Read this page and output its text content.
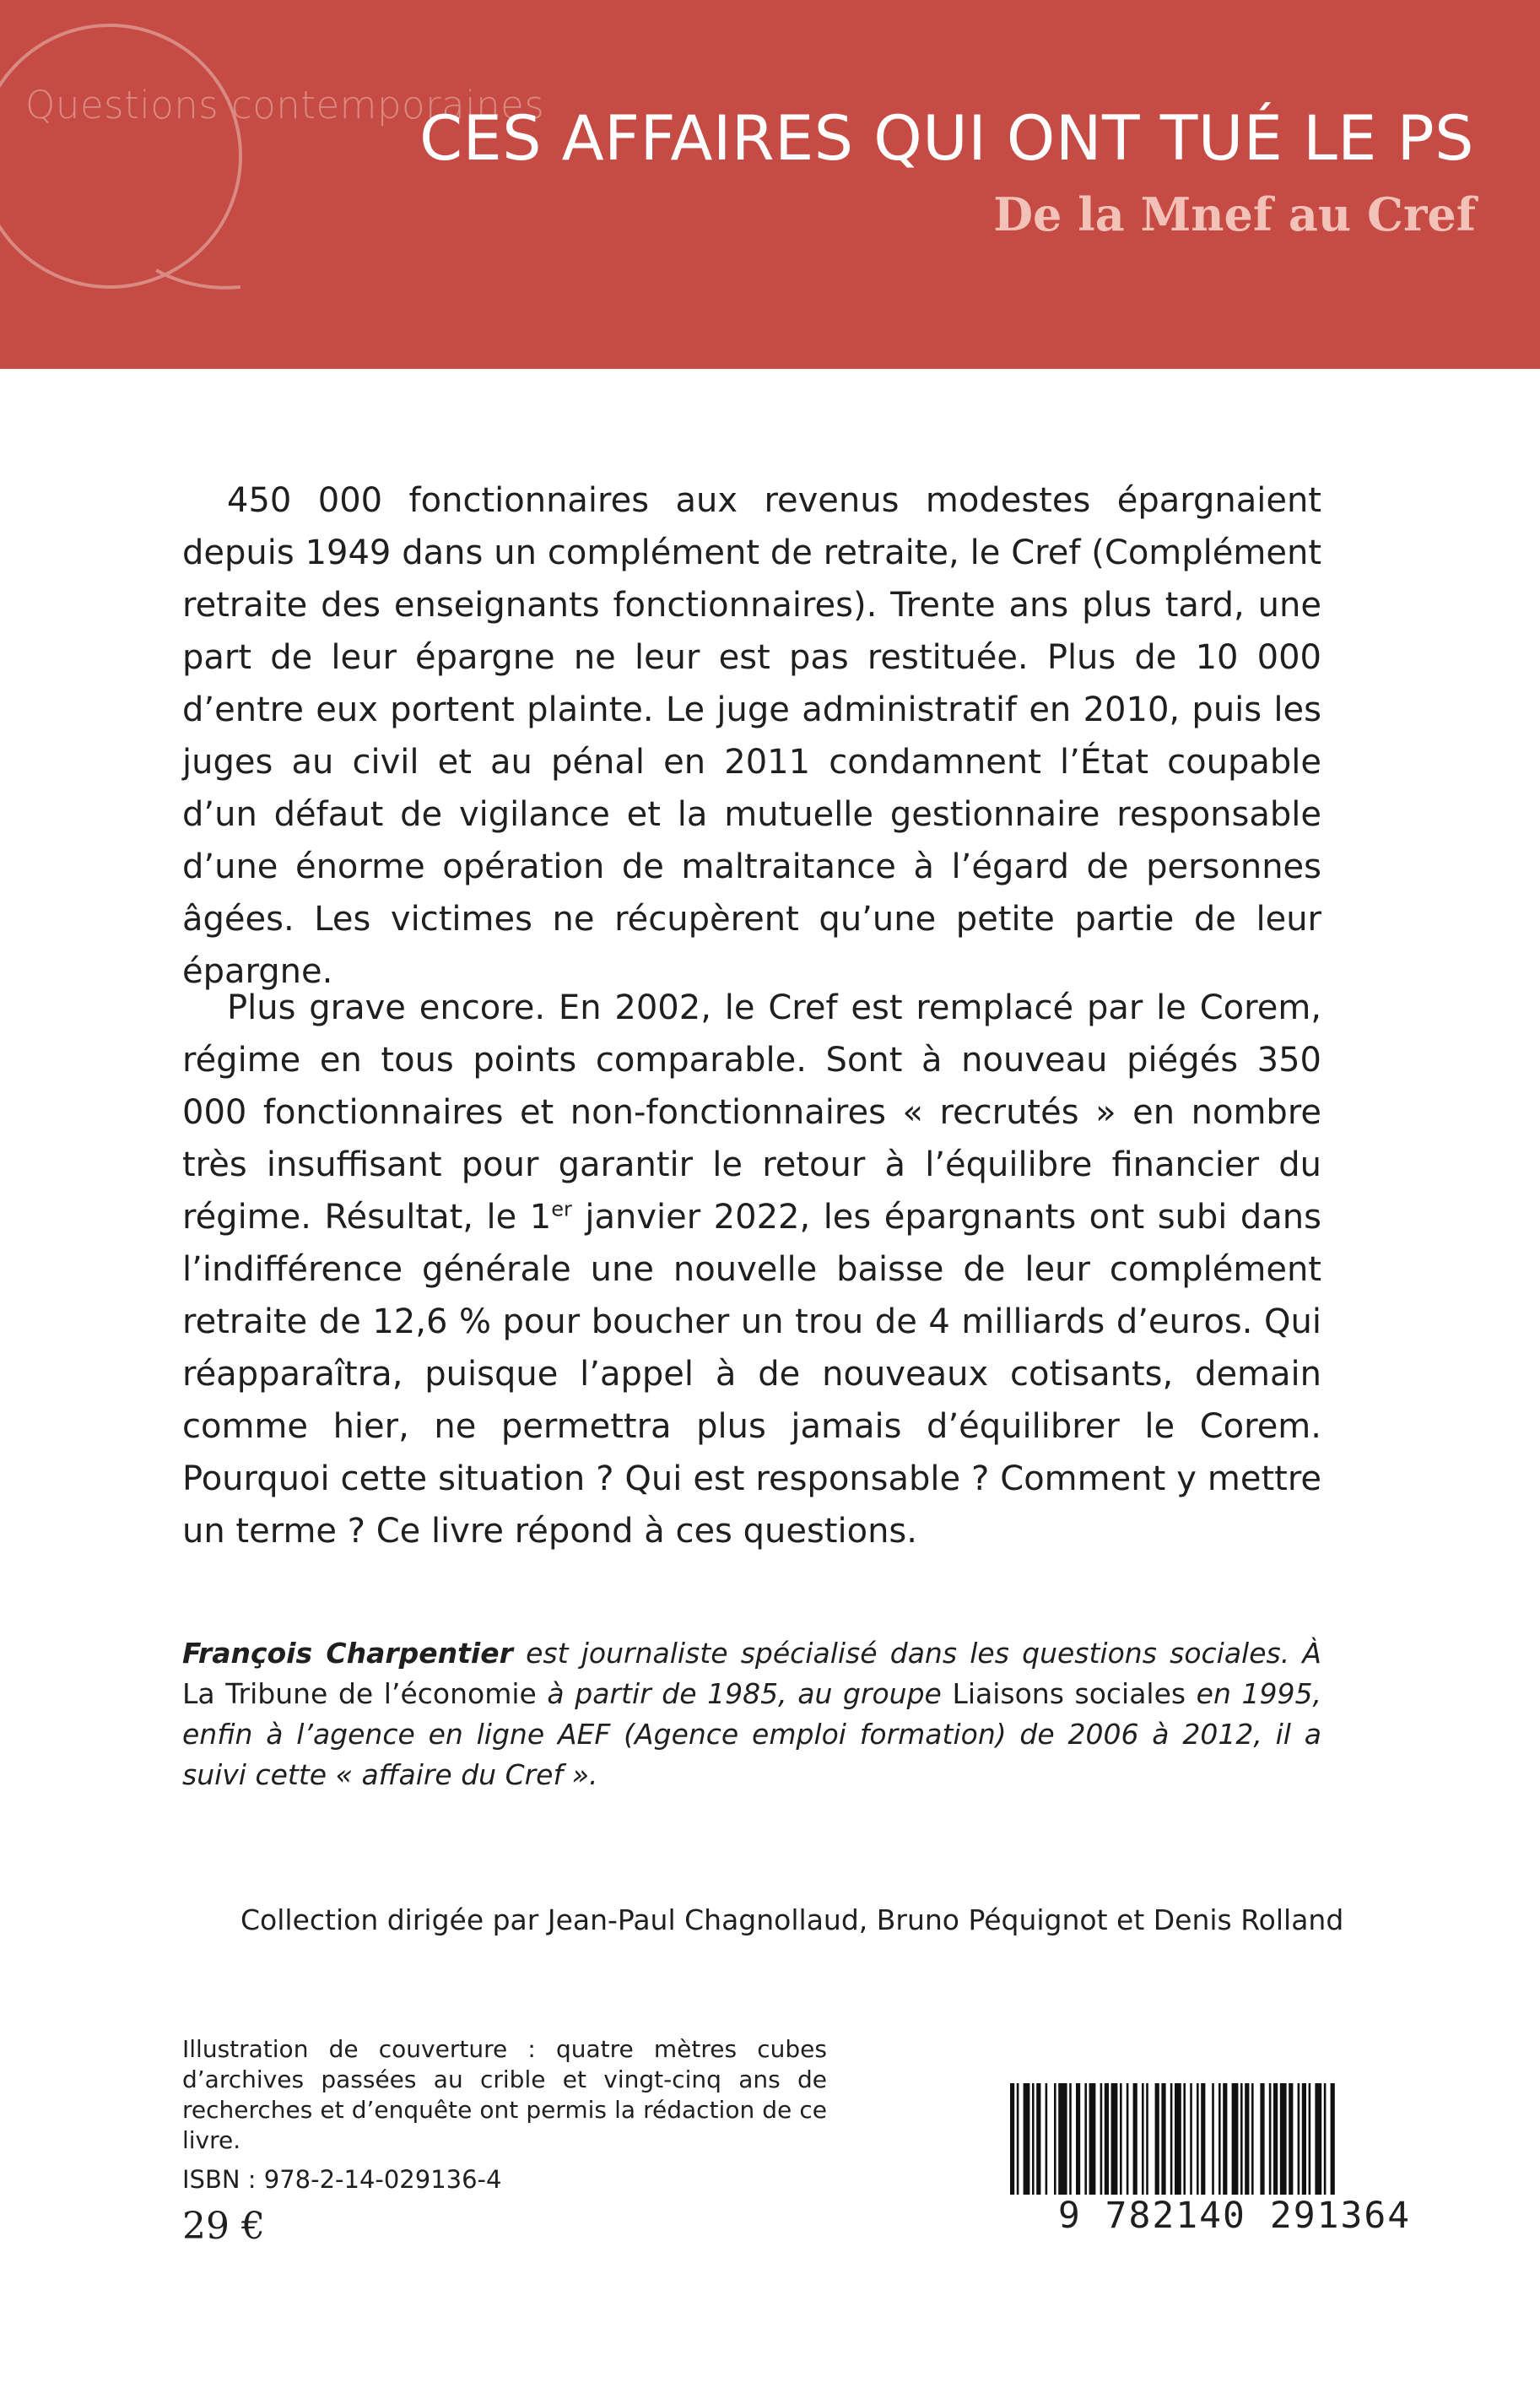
Questions contemporaines
CES AFFAIRES QUI ONT TUÉ LE PS
De la Mnef au Cref

450 000 fonctionnaires aux revenus modestes épargnaient depuis 1949 dans un complément de retraite, le Cref (Complément retraite des enseignants fonctionnaires). Trente ans plus tard, une part de leur épargne ne leur est pas restituée. Plus de 10 000 d’entre eux portent plainte. Le juge administratif en 2010, puis les juges au civil et au pénal en 2011 condamnent l’État coupable d’un défaut de vigilance et la mutuelle gestionnaire responsable d’une énorme opération de maltraitance à l’égard de personnes âgées. Les victimes ne récupèrent qu’une petite partie de leur épargne.

Plus grave encore. En 2002, le Cref est remplacé par le Corem, régime en tous points comparable. Sont à nouveau piégés 350 000 fonctionnaires et non-fonctionnaires « recrutés » en nombre très insuffisant pour garantir le retour à l’équilibre financier du régime. Résultat, le 1er janvier 2022, les épargnants ont subi dans l’indifférence générale une nouvelle baisse de leur complément retraite de 12,6 % pour boucher un trou de 4 milliards d’euros. Qui réapparaîtra, puisque l’appel à de nouveaux cotisants, demain comme hier, ne permettra plus jamais d’équilibrer le Corem. Pourquoi cette situation ? Qui est responsable ? Comment y mettre un terme ? Ce livre répond à ces questions.

François Charpentier est journaliste spécialisé dans les questions sociales. À La Tribune de l’économie à partir de 1985, au groupe Liaisons sociales en 1995, enfin à l’agence en ligne AEF (Agence emploi formation) de 2006 à 2012, il a suivi cette « affaire du Cref ».

Collection dirigée par Jean-Paul Chagnollaud, Bruno Péquignot et Denis Rolland

Illustration de couverture : quatre mètres cubes d’archives passées au crible et vingt-cinq ans de recherches et d’enquête ont permis la rédaction de ce livre.

ISBN : 978-2-14-029136-4
29 €	9 782140 291364
